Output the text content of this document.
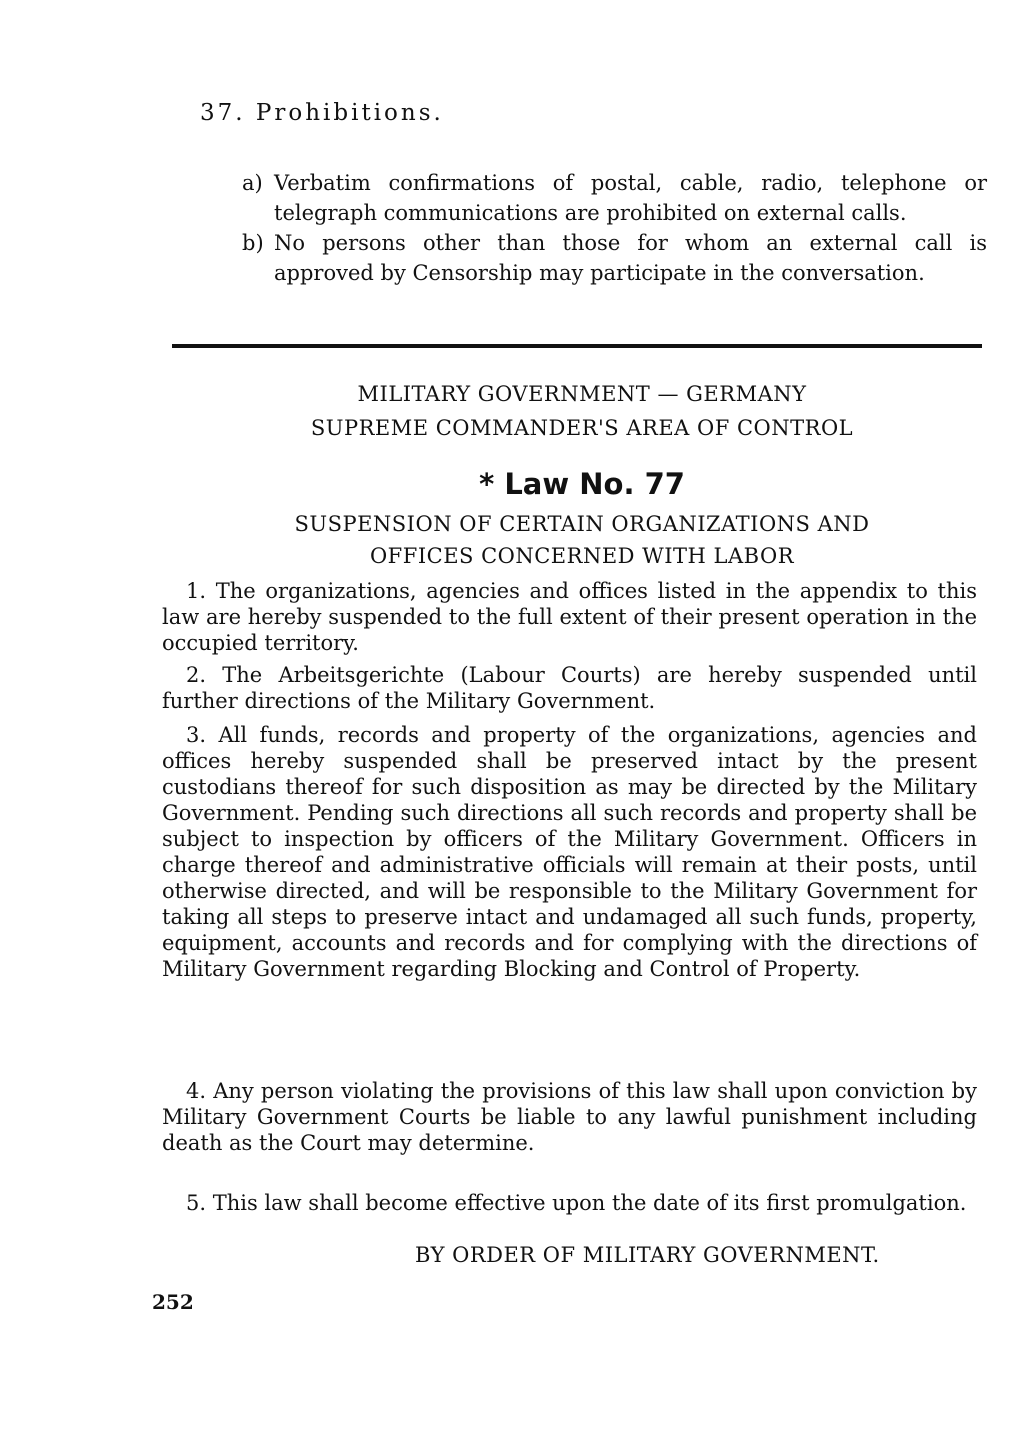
37. Prohibitions.
a) Verbatim confirmations of postal, cable, radio, telephone or telegraph communications are prohibited on external calls.
b) No persons other than those for whom an external call is approved by Censorship may participate in the conversation.
MILITARY GOVERNMENT — GERMANY
SUPREME COMMANDER'S AREA OF CONTROL
* Law No. 77
SUSPENSION OF CERTAIN ORGANIZATIONS AND
OFFICES CONCERNED WITH LABOR
1. The organizations, agencies and offices listed in the appendix to this law are hereby suspended to the full extent of their present operation in the occupied territory.
2. The Arbeitsgerichte (Labour Courts) are hereby suspended until further directions of the Military Government.
3. All funds, records and property of the organizations, agencies and offices hereby suspended shall be preserved intact by the present custodians thereof for such disposition as may be directed by the Military Government. Pending such directions all such records and property shall be subject to inspection by officers of the Military Government. Officers in charge thereof and administrative officials will remain at their posts, until otherwise directed, and will be responsible to the Military Government for taking all steps to preserve intact and undamaged all such funds, property, equipment, accounts and records and for complying with the directions of Military Government regarding Blocking and Control of Property.
4. Any person violating the provisions of this law shall upon conviction by Military Government Courts be liable to any lawful punishment including death as the Court may determine.
5. This law shall become effective upon the date of its first promulgation.
BY ORDER OF MILITARY GOVERNMENT.
252
